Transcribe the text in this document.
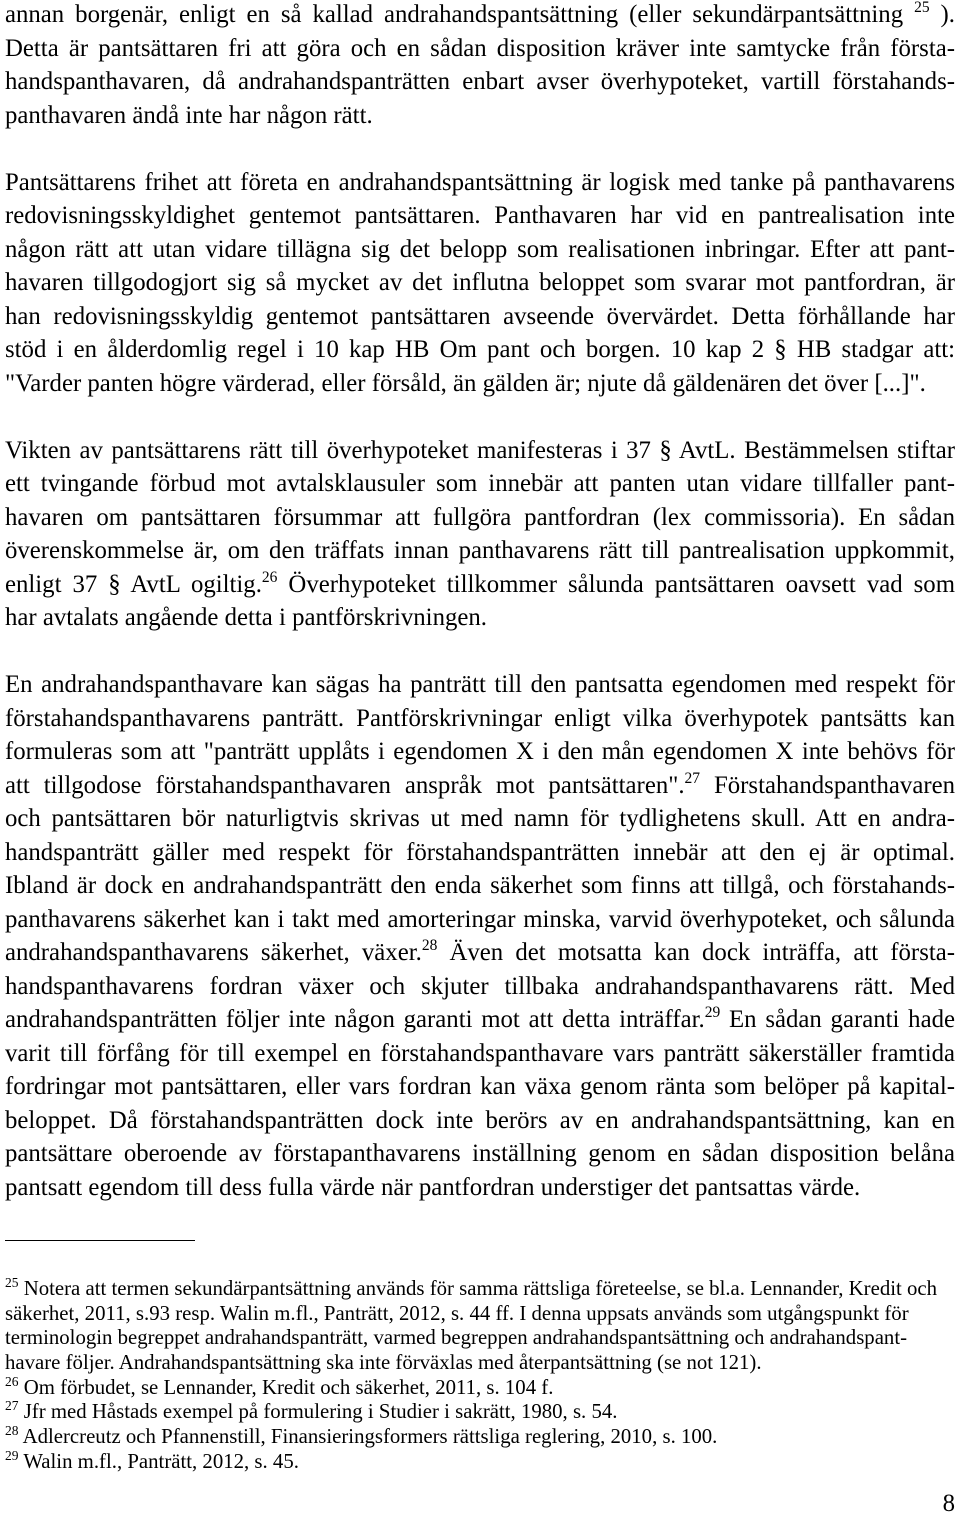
annan borgenär, enligt en så kallad andrahandspantsättning (eller sekundärpantsättning $^{25}$ ).
Detta är pantsättaren fri att göra och en sådan disposition kräver inte samtycke från första-
handspanthavaren, då andrahandspanträtten enbart avser överhypoteket, vartill förstahands-
panthavaren ändå inte har någon rätt.
Pantsättarens frihet att företa en andrahandspantsättning är logisk med tanke på panthavarens
redovisningsskyldighet gentemot pantsättaren. Panthavaren har vid en pantrealisation inte
någon rätt att utan vidare tillägna sig det belopp som realisationen inbringar. Efter att pant-
havaren tillgodogjort sig så mycket av det influtna beloppet som svarar mot pantfordran, är
han redovisningsskyldig gentemot pantsättaren avseende övervärdet. Detta förhållande har
stöd i en ålderdomlig regel i 10 kap HB Om pant och borgen. 10 kap 2 § HB stadgar att:
"Varder panten högre värderad, eller försåld, än gälden är; njute då gäldenären det över [...]".
Vikten av pantsättarens rätt till överhypoteket manifesteras i 37 § AvtL. Bestämmelsen stiftar
ett tvingande förbud mot avtalsklausuler som innebär att panten utan vidare tillfaller pant-
havaren om pantsättaren försummar att fullgöra pantfordran (lex commissoria). En sådan
överenskommelse är, om den träffats innan panthavarens rätt till pantrealisation uppkommit,
enligt 37 § AvtL ogiltig.$^{26}$ Överhypoteket tillkommer sålunda pantsättaren oavsett vad som
har avtalats angående detta i pantförskrivningen.
En andrahandspanthavare kan sägas ha panträtt till den pantsatta egendomen med respekt för
förstahandspanthavarens panträtt. Pantförskrivningar enligt vilka överhypotek pantsätts kan
formuleras som att "panträtt upplåts i egendomen X i den mån egendomen X inte behövs för
att tillgodose förstahandspanthavaren anspråk mot pantsättaren".$^{27}$ Förstahandspanthavaren
och pantsättaren bör naturligtvis skrivas ut med namn för tydlighetens skull. Att en andra-
handspanträtt gäller med respekt för förstahandspanträtten innebär att den ej är optimal.
Ibland är dock en andrahandspanträtt den enda säkerhet som finns att tillgå, och förstahands-
panthavarens säkerhet kan i takt med amorteringar minska, varvid överhypoteket, och sålunda
andrahandspanthavarens säkerhet, växer.$^{28}$ Även det motsatta kan dock inträffa, att första-
handspanthavarens fordran växer och skjuter tillbaka andrahandspanthavarens rätt. Med
andrahandspanträtten följer inte någon garanti mot att detta inträffar.$^{29}$ En sådan garanti hade
varit till förfång för till exempel en förstahandspanthavare vars panträtt säkerställer framtida
fordringar mot pantsättaren, eller vars fordran kan växa genom ränta som belöper på kapital-
beloppet. Då förstahandspanträtten dock inte berörs av en andrahandspantsättning, kan en
pantsättare oberoende av förstapanthavarens inställning genom en sådan disposition belåna
pantsatt egendom till dess fulla värde när pantfordran understiger det pantsattas värde.
$^{25}$ Notera att termen sekundärpantsättning används för samma rättsliga företeelse, se bl.a. Lennander, Kredit och
säkerhet, 2011, s.93 resp. Walin m.fl., Panträtt, 2012, s. 44 ff. I denna uppsats används som utgångspunkt för
terminologin begreppet andrahandspanträtt, varmed begreppen andrahandspantsättning och andrahandspant-
havare följer. Andrahandspantsättning ska inte förväxlas med återpantsättning (se not 121).
$^{26}$ Om förbudet, se Lennander, Kredit och säkerhet, 2011, s. 104 f.
$^{27}$ Jfr med Håstads exempel på formulering i Studier i sakrätt, 1980, s. 54.
$^{28}$ Adlercreutz och Pfannenstill, Finansieringsformers rättsliga reglering, 2010, s. 100.
$^{29}$ Walin m.fl., Panträtt, 2012, s. 45.
8
